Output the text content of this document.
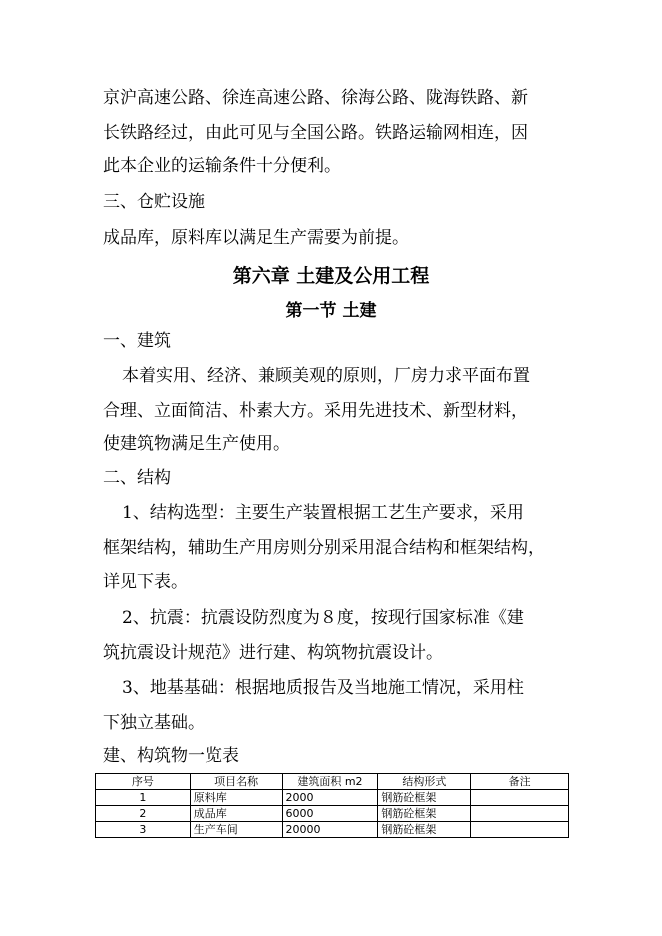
京沪高速公路、徐连高速公路、徐海公路、陇海铁路、新
长铁路经过，由此可见与全国公路。铁路运输网相连，因
此本企业的运输条件十分便利。
三、仓贮设施
成品库，原料库以满足生产需要为前提。
第六章 土建及公用工程
第一节 土建
一、建筑
本着实用、经济、兼顾美观的原则，厂房力求平面布置
合理、立面简洁、朴素大方。采用先进技术、新型材料，
使建筑物满足生产使用。
二、结构
1、结构选型：主要生产装置根据工艺生产要求，采用
框架结构，辅助生产用房则分别采用混合结构和框架结构，
详见下表。
2、抗震：抗震设防烈度为８度，按现行国家标准《建
筑抗震设计规范》进行建、构筑物抗震设计。
3、地基基础：根据地质报告及当地施工情况，采用柱
下独立基础。
建、构筑物一览表
序号	项目名称	建筑面积 m2	结构形式	备注
1	原料库	2000	钢筋砼框架	
2	成品库	6000	钢筋砼框架	
3	生产车间	20000	钢筋砼框架	
